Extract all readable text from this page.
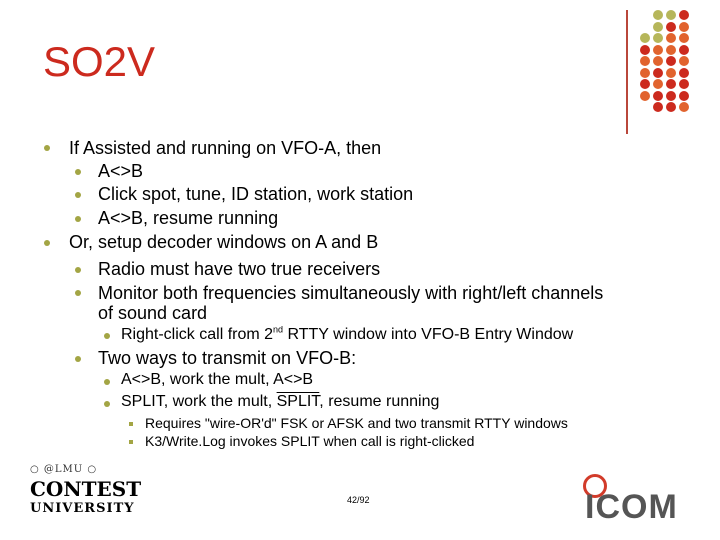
SO2V
If Assisted and running on VFO-A, then
A<>B
Click spot, tune, ID station, work station
A<>B, resume running
Or, setup decoder windows on A and B
Radio must have two true receivers
Monitor both frequencies simultaneously with right/left channels
of sound card
Right-click call from 2nd RTTY window into VFO-B Entry Window
Two ways to transmit on VFO-B:
A<>B, work the mult, A<>B
SPLIT, work the mult, SPLIT, resume running
Requires "wire-OR'd" FSK or AFSK and two transmit RTTY windows
K3/Write.Log invokes SPLIT when call is right-clicked
42/92
○ @LMU ○
CONTEST
UNIVERSITY	ICOM
